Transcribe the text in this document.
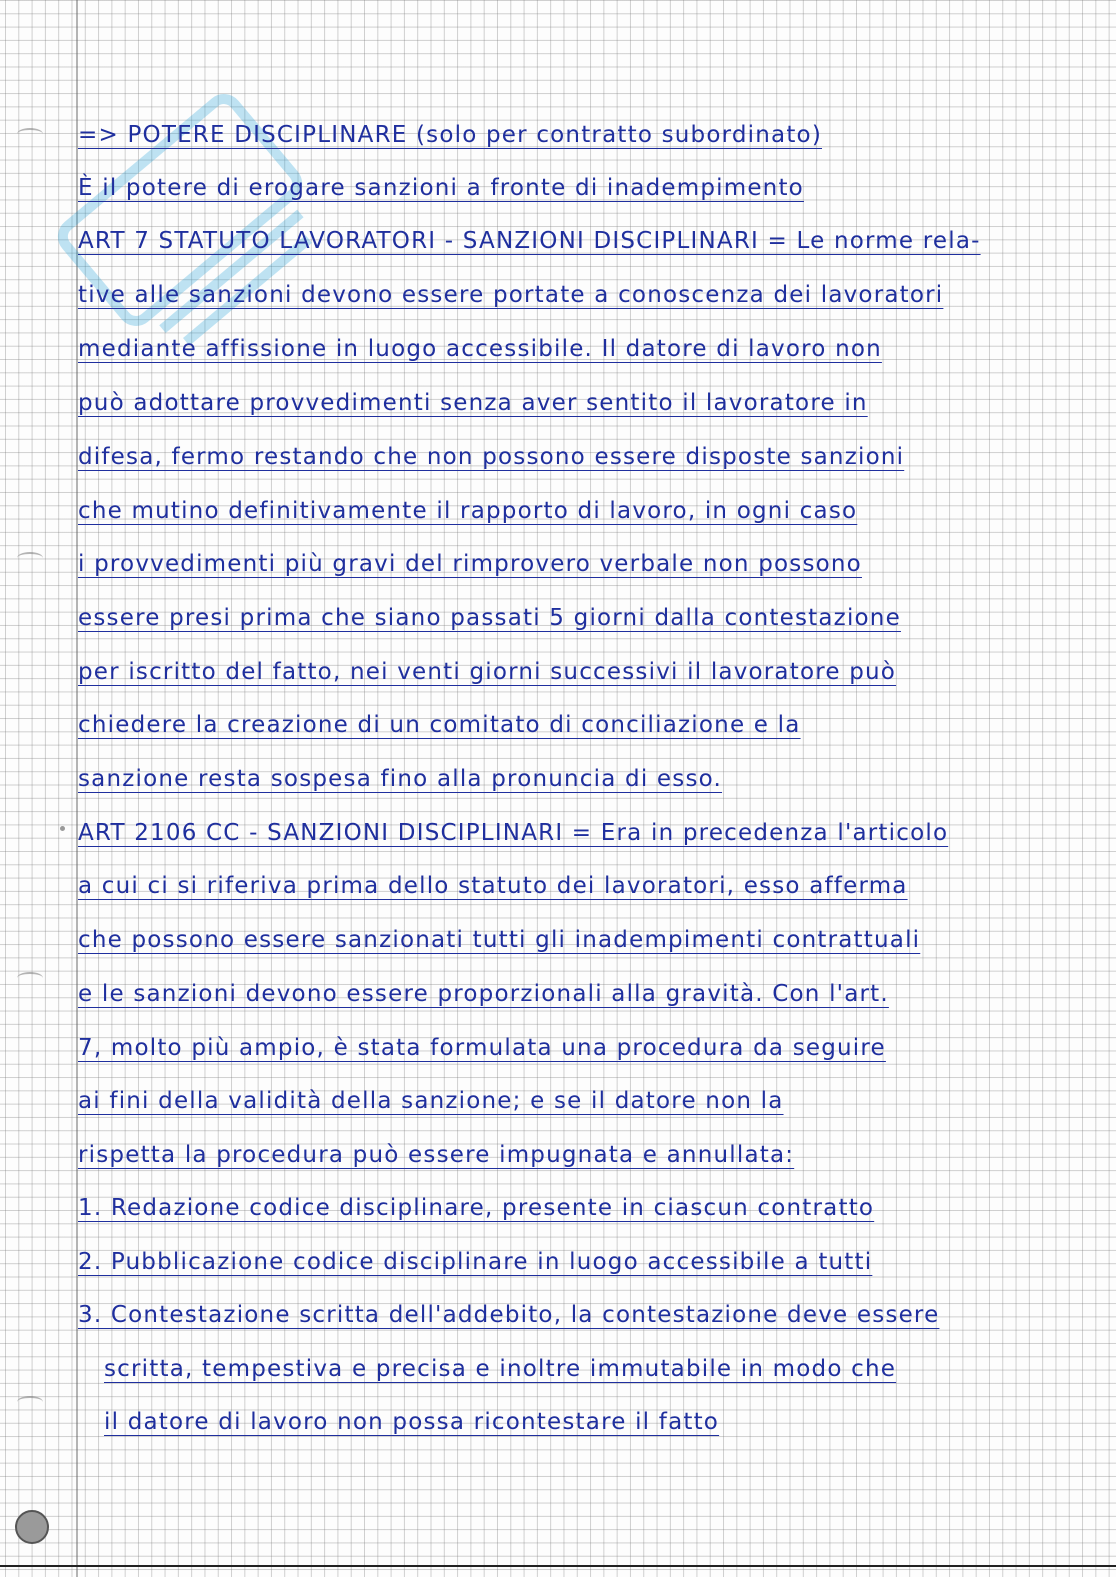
=> POTERE DISCIPLINARE (solo per contratto subordinato)
È il potere di erogare sanzioni a fronte di inadempimento
ART 7 STATUTO LAVORATORI - SANZIONI DISCIPLINARI = Le norme rela-
tive alle sanzioni devono essere portate a conoscenza dei lavoratori
mediante affissione in luogo accessibile. Il datore di lavoro non
può adottare provvedimenti senza aver sentito il lavoratore in
difesa, fermo restando che non possono essere disposte sanzioni
che mutino definitivamente il rapporto di lavoro, in ogni caso
i provvedimenti più gravi del rimprovero verbale non possono
essere presi prima che siano passati 5 giorni dalla contestazione
per iscritto del fatto, nei venti giorni successivi il lavoratore può
chiedere la creazione di un comitato di conciliazione e la
sanzione resta sospesa fino alla pronuncia di esso.
ART 2106 CC - SANZIONI DISCIPLINARI = Era in precedenza l'articolo
a cui ci si riferiva prima dello statuto dei lavoratori, esso afferma
che possono essere sanzionati tutti gli inadempimenti contrattuali
e le sanzioni devono essere proporzionali alla gravità. Con l'art.
7, molto più ampio, è stata formulata una procedura da seguire
ai fini della validità della sanzione; e se il datore non la
rispetta la procedura può essere impugnata e annullata:
1. Redazione codice disciplinare, presente in ciascun contratto
2. Pubblicazione codice disciplinare in luogo accessibile a tutti
3. Contestazione scritta dell'addebito, la contestazione deve essere
scritta, tempestiva e precisa e inoltre immutabile in modo che
il datore di lavoro non possa ricontestare il fatto
